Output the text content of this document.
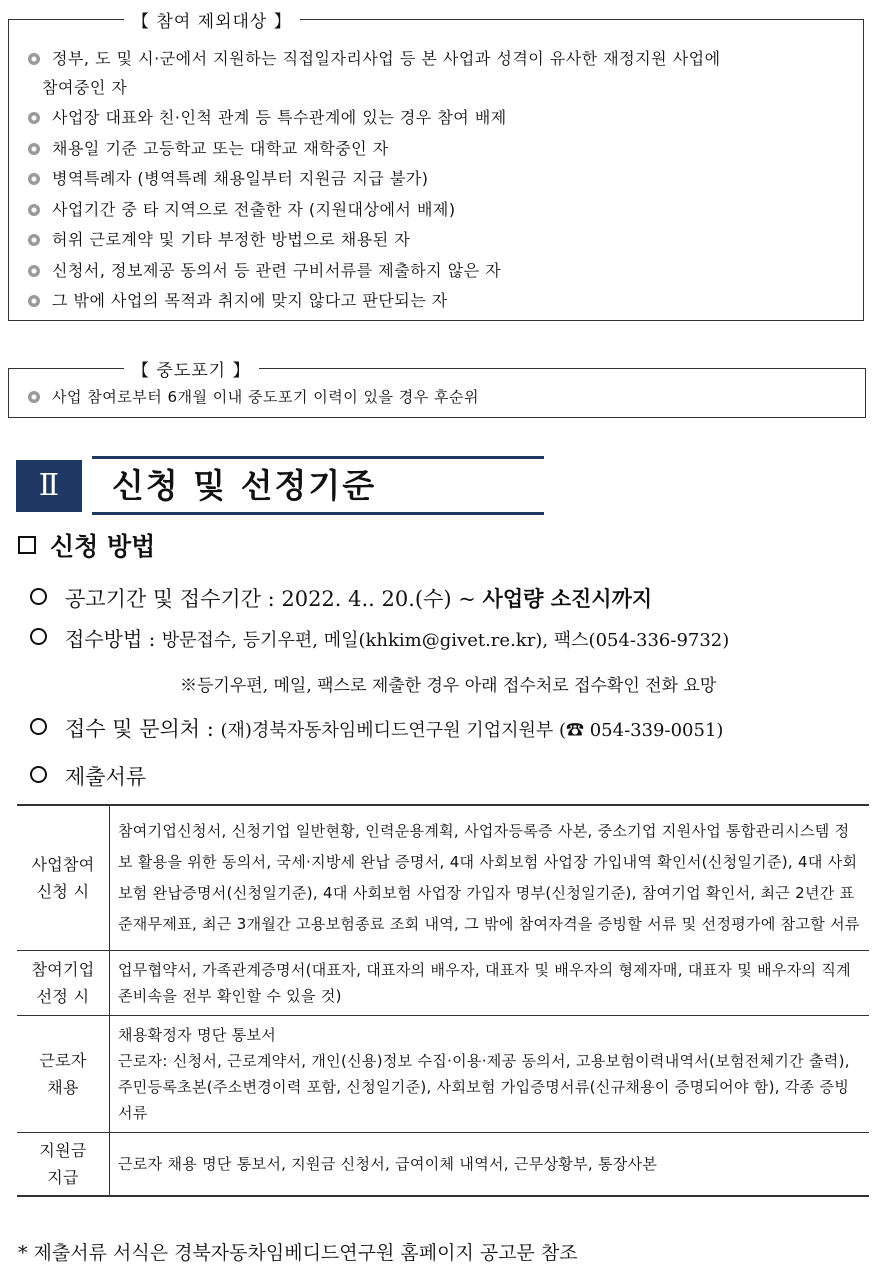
【 참여 제외대상 】
정부, 도 및 시·군에서 지원하는 직접일자리사업 등 본 사업과 성격이 유사한 재정지원 사업에
참여중인 자
사업장 대표와 친·인척 관계 등 특수관계에 있는 경우 참여 배제
채용일 기준 고등학교 또는 대학교 재학중인 자
병역특례자 (병역특례 채용일부터 지원금 지급 불가)
사업기간 중 타 지역으로 전출한 자 (지원대상에서 배제)
허위 근로계약 및 기타 부정한 방법으로 채용된 자
신청서, 정보제공 동의서 등 관련 구비서류를 제출하지 않은 자
그 밖에 사업의 목적과 취지에 맞지 않다고 판단되는 자
【 중도포기 】
사업 참여로부터 6개월 이내 중도포기 이력이 있을 경우 후순위
Ⅱ	신청 및 선정기준
신청 방법
공고기간 및 접수기간 : 2022. 4.. 20.(수) ~ 사업량 소진시까지
접수방법 : 방문접수, 등기우편, 메일(khkim@givet.re.kr), 팩스(054-336-9732)
※등기우편, 메일, 팩스로 제출한 경우 아래 접수처로 접수확인 전화 요망
접수 및 문의처 : (재)경북자동차임베디드연구원 기업지원부 (☎ 054-339-0051)
제출서류
사업참여
신청 시	참여기업신청서, 신청기업 일반현황, 인력운용계획, 사업자등록증 사본, 중소기업 지원사업 통합관리시스템 정보 활용을 위한 동의서, 국세·지방세 완납 증명서, 4대 사회보험 사업장 가입내역 확인서(신청일기준), 4대 사회보험 완납증명서(신청일기준), 4대 사회보험 사업장 가입자 명부(신청일기준), 참여기업 확인서, 최근 2년간 표준재무제표, 최근 3개월간 고용보험종료 조회 내역, 그 밖에 참여자격을 증빙할 서류 및 선정평가에 참고할 서류
참여기업
선정 시	업무협약서, 가족관계증명서(대표자, 대표자의 배우자, 대표자 및 배우자의 형제자매, 대표자 및 배우자의 직계존비속을 전부 확인할 수 있을 것)
근로자
채용	채용확정자 명단 통보서
근로자: 신청서, 근로계약서, 개인(신용)정보 수집·이용·제공 동의서, 고용보험이력내역서(보험전체기간 출력), 주민등록초본(주소변경이력 포함, 신청일기준), 사회보험 가입증명서류(신규채용이 증명되어야 함), 각종 증빙서류
지원금
지급	근로자 채용 명단 통보서, 지원금 신청서, 급여이체 내역서, 근무상황부, 통장사본
* 제출서류 서식은 경북자동차임베디드연구원 홈페이지 공고문 참조
